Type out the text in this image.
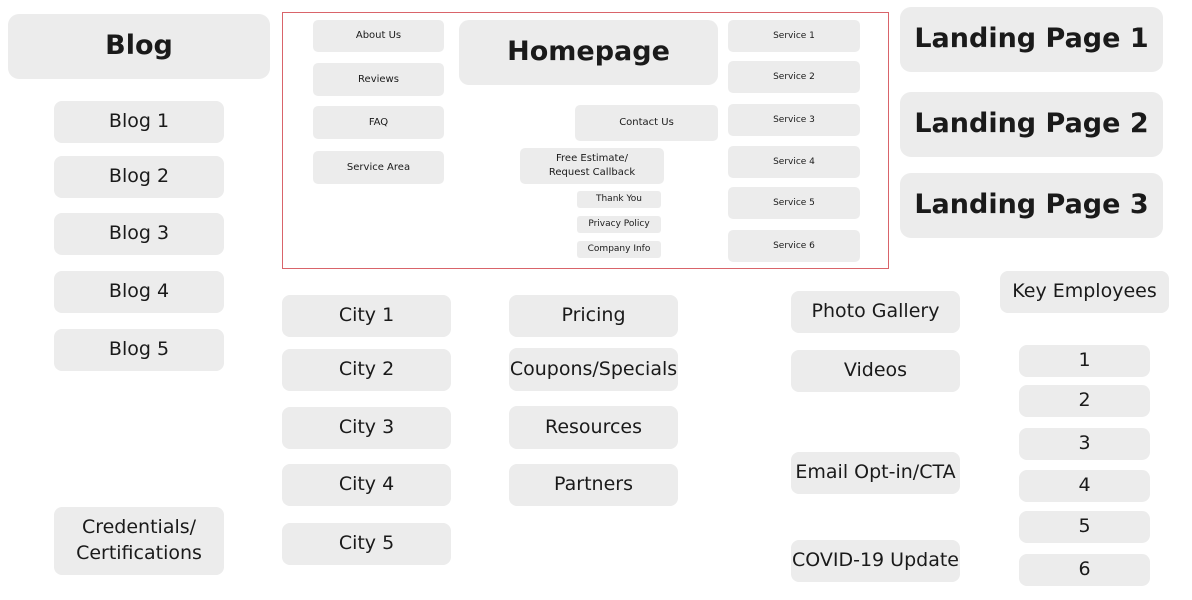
Blog
Blog 1
Blog 2
Blog 3
Blog 4
Blog 5
Credentials/ Certifications
About Us
Reviews
FAQ
Service Area
Homepage
Contact Us
Free Estimate/ Request Callback
Thank You
Privacy Policy
Company Info
Service 1
Service 2
Service 3
Service 4
Service 5
Service 6
Landing Page 1
Landing Page 2
Landing Page 3
City 1
City 2
City 3
City 4
City 5
Pricing
Coupons/Specials
Resources
Partners
Photo Gallery
Videos
Email Opt-in/CTA
COVID-19 Update
Key Employees
1
2
3
4
5
6
